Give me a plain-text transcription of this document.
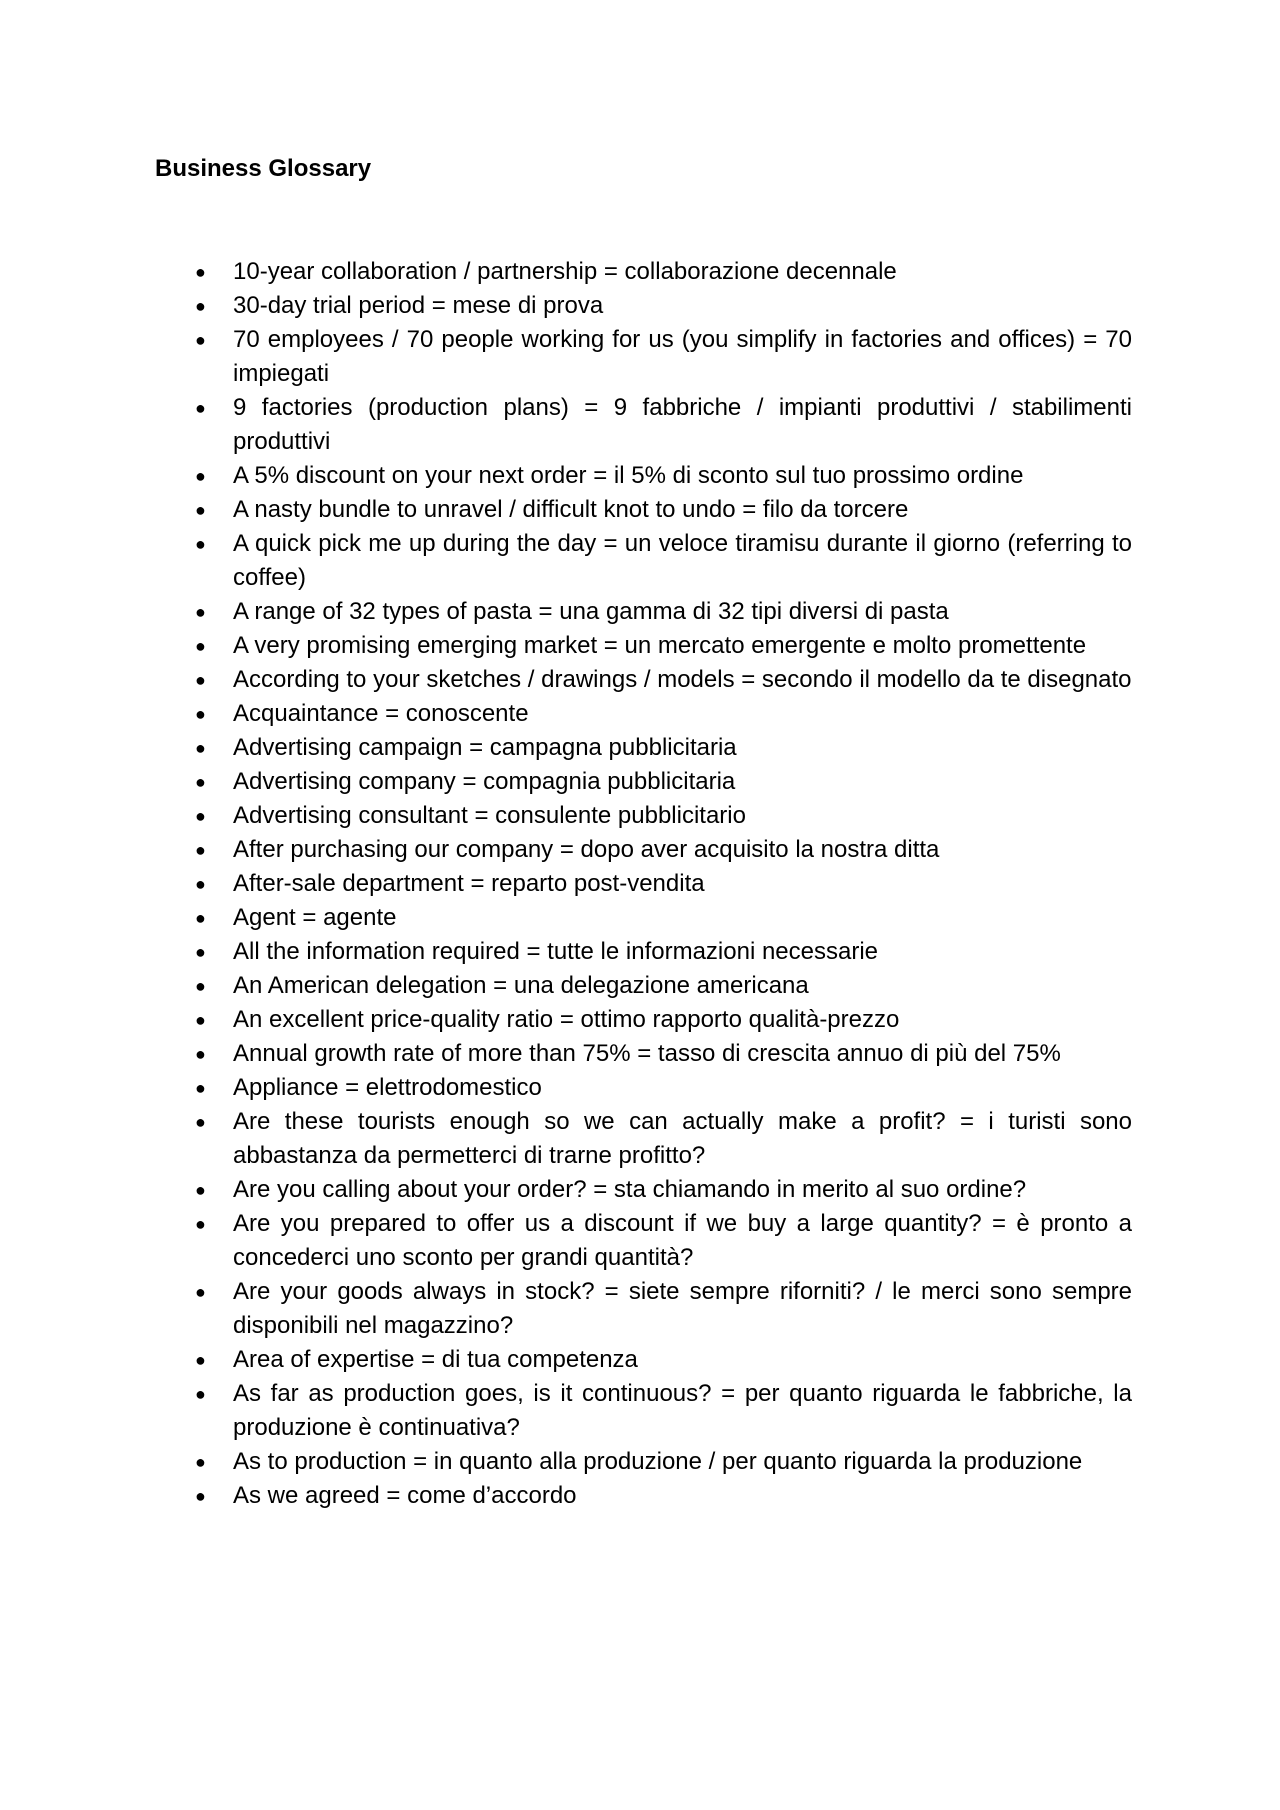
Business Glossary
●	10-year collaboration / partnership = collaborazione decennale
●	30-day trial period = mese di prova
●	70 employees / 70 people working for us (you simplify in factories and offices) = 70 impiegati
●	9 factories (production plans) = 9 fabbriche / impianti produttivi / stabilimenti produttivi
●	A 5% discount on your next order = il 5% di sconto sul tuo prossimo ordine
●	A nasty bundle to unravel / difficult knot to undo = filo da torcere
●	A quick pick me up during the day = un veloce tiramisu durante il giorno (referring to coffee)
●	A range of 32 types of pasta = una gamma di 32 tipi diversi di pasta
●	A very promising emerging market = un mercato emergente e molto promettente
●	According to your sketches / drawings / models = secondo il modello da te disegnato
●	Acquaintance = conoscente
●	Advertising campaign = campagna pubblicitaria
●	Advertising company = compagnia pubblicitaria
●	Advertising consultant = consulente pubblicitario
●	After purchasing our company = dopo aver acquisito la nostra ditta
●	After-sale department = reparto post-vendita
●	Agent = agente
●	All the information required = tutte le informazioni necessarie
●	An American delegation = una delegazione americana
●	An excellent price-quality ratio = ottimo rapporto qualità-prezzo
●	Annual growth rate of more than 75% = tasso di crescita annuo di più del 75%
●	Appliance = elettrodomestico
●	Are these tourists enough so we can actually make a profit? = i turisti sono abbastanza da permetterci di trarne profitto?
●	Are you calling about your order? = sta chiamando in merito al suo ordine?
●	Are you prepared to offer us a discount if we buy a large quantity? = è pronto a concederci uno sconto per grandi quantità?
●	Are your goods always in stock? = siete sempre riforniti? / le merci sono sempre disponibili nel magazzino?
●	Area of expertise = di tua competenza
●	As far as production goes, is it continuous? = per quanto riguarda le fabbriche, la produzione è continuativa?
●	As to production = in quanto alla produzione / per quanto riguarda la produzione
●	As we agreed = come d’accordo
